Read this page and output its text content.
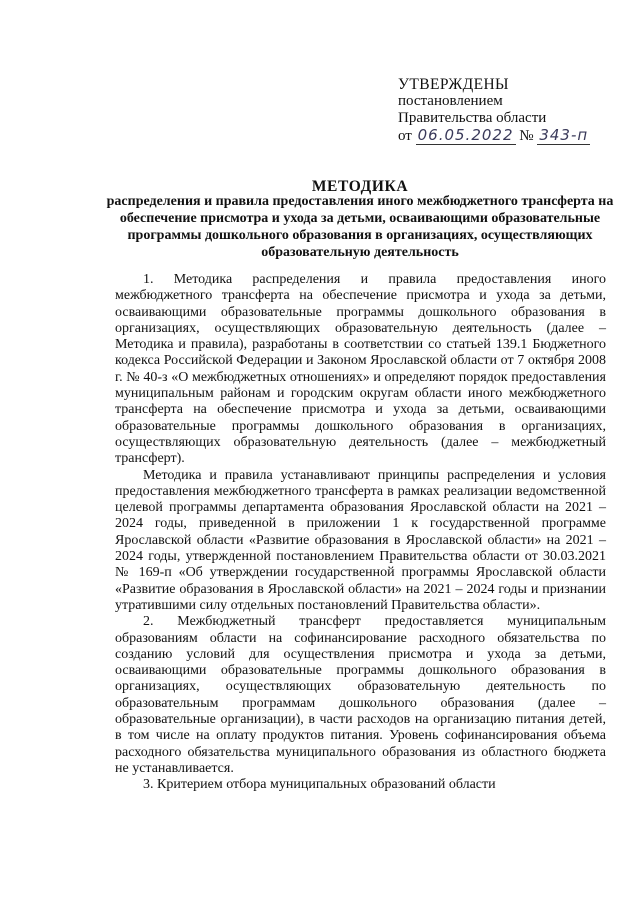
УТВЕРЖДЕНЫ
постановлением
Правительства области
от 06.05.2022 № 343-п
МЕТОДИКА
распределения и правила предоставления иного межбюджетного трансферта на обеспечение присмотра и ухода за детьми, осваивающими образовательные программы дошкольного образования в организациях, осуществляющих образовательную деятельность

1. Методика распределения и правила предоставления иного межбюджетного трансферта на обеспечение присмотра и ухода за детьми, осваивающими образовательные программы дошкольного образования в организациях, осуществляющих образовательную деятельность (далее – Методика и правила), разработаны в соответствии со статьей 139.1 Бюджетного кодекса Российской Федерации и Законом Ярославской области от 7 октября 2008 г. № 40-з «О межбюджетных отношениях» и определяют порядок предоставления муниципальным районам и городским округам области иного межбюджетного трансферта на обеспечение присмотра и ухода за детьми, осваивающими образовательные программы дошкольного образования в организациях, осуществляющих образовательную деятельность (далее – межбюджетный трансферт).

Методика и правила устанавливают принципы распределения и условия предоставления межбюджетного трансферта в рамках реализации ведомственной целевой программы департамента образования Ярославской области на 2021 – 2024 годы, приведенной в приложении 1 к государственной программе Ярославской области «Развитие образования в Ярославской области» на 2021 – 2024 годы, утвержденной постановлением Правительства области от 30.03.2021 № 169-п «Об утверждении государственной программы Ярославской области «Развитие образования в Ярославской области» на 2021 – 2024 годы и признании утратившими силу отдельных постановлений Правительства области».

2. Межбюджетный трансферт предоставляется муниципальным образованиям области на софинансирование расходного обязательства по созданию условий для осуществления присмотра и ухода за детьми, осваивающими образовательные программы дошкольного образования в организациях, осуществляющих образовательную деятельность по образовательным программам дошкольного образования (далее – образовательные организации), в части расходов на организацию питания детей, в том числе на оплату продуктов питания. Уровень софинансирования объема расходного обязательства муниципального образования из областного бюджета не устанавливается.

3. Критерием отбора муниципальных образований области
